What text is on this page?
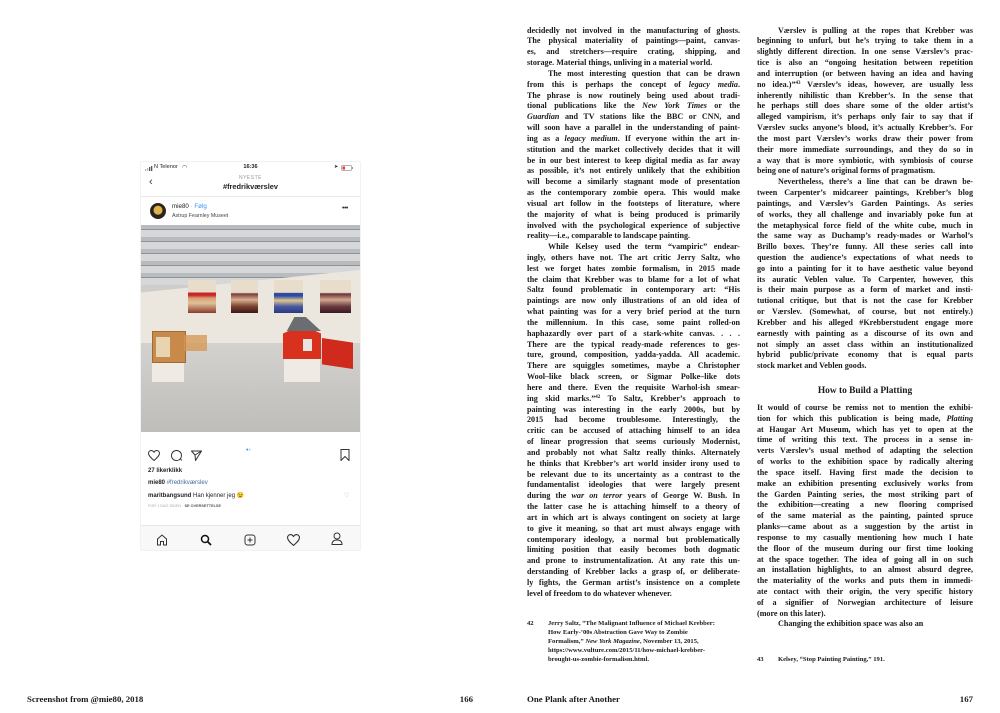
N Telenor ◠	16:36	➤
‹	NYESTE
#fredrikværslev
mie80 · Følg
Astrup Fearnley Museet
•••
••
27 likerklikk
mie80 #fredrikværslev
maritbangsund Han kjenner jeg 😉	♡
FOR 1 DAG SIDEN · SE OVERSETTELSE
Screenshot from @mie80, 2018	166
decidedly not involved in the manufacturing of ghosts.
The physical materiality of paintings—paint, canvas-
es, and stretchers—require crating, shipping, and
storage. Material things, unliving in a material world.
The most interesting question that can be drawn
from this is perhaps the concept of legacy media.
The phrase is now routinely being used about tradi-
tional publications like the New York Times or the
Guardian and TV stations like the BBC or CNN, and
will soon have a parallel in the understanding of paint-
ing as a legacy medium. If everyone within the art in-
stitution and the market collectively decides that it will
be in our best interest to keep digital media as far away
as possible, it’s not entirely unlikely that the exhibition
will become a similarly stagnant mode of presentation
as the contemporary zombie opera. This would make
visual art follow in the footsteps of literature, where
the majority of what is being produced is primarily
involved with the psychological experience of subjective
reality—i.e., comparable to landscape painting.
While Kelsey used the term “vampiric” endear-
ingly, others have not. The art critic Jerry Saltz, who
lest we forget hates zombie formalism, in 2015 made
the claim that Krebber was to blame for a lot of what
Saltz found problematic in contemporary art: “His
paintings are now only illustrations of an old idea of
what painting was for a very brief period at the turn
the millennium. In this case, some paint rolled-on
haphazardly over part of a stark-white canvas. . . .
There are the typical ready-made references to ges-
ture, ground, composition, yadda-yadda. All academic.
There are squiggles sometimes, maybe a Christopher
Wool–like black screen, or Sigmar Polke–like dots
here and there. Even the requisite Warhol-ish smear-
ing skid marks.”$^{42}$ To Saltz, Krebber’s approach to
painting was interesting in the early 2000s, but by
2015 had become troublesome. Interestingly, the
critic can be accused of attaching himself to an idea
of linear progression that seems curiously Modernist,
and probably not what Saltz really thinks. Alternately
he thinks that Krebber’s art world insider irony used to
be relevant due to its uncertainty as a contrast to the
fundamentalist ideologies that were largely present
during the war on terror years of George W. Bush. In
the latter case he is attaching himself to a theory of
art in which art is always contingent on society at large
to give it meaning, so that art must always engage with
contemporary ideology, a normal but problematically
limiting position that easily becomes both dogmatic
and prone to instrumentalization. At any rate this un-
derstanding of Krebber lacks a grasp of, or deliberate-
ly fights, the German artist’s insistence on a complete
level of freedom to do whatever whenever.
Værslev is pulling at the ropes that Krebber was
beginning to unfurl, but he’s trying to take them in a
slightly different direction. In one sense Værslev’s prac-
tice is also an “ongoing hesitation between repetition
and interruption (or between having an idea and having
no idea.)”$^{43}$ Værslev’s ideas, however, are usually less
inherently nihilistic than Krebber’s. In the sense that
he perhaps still does share some of the older artist’s
alleged vampirism, it’s perhaps only fair to say that if
Værslev sucks anyone’s blood, it’s actually Krebber’s. For
the most part Værslev’s works draw their power from
their more immediate surroundings, and they do so in
a way that is more symbiotic, with symbiosis of course
being one of nature’s original forms of pragmatism.
Nevertheless, there’s a line that can be drawn be-
tween Carpenter’s midcareer paintings, Krebber’s blog
paintings, and Værslev’s Garden Paintings. As series
of works, they all challenge and invariably poke fun at
the metaphysical force field of the white cube, much in
the same way as Duchamp’s ready-mades or Warhol’s
Brillo boxes. They’re funny. All these series call into
question the audience’s expectations of what needs to
go into a painting for it to have aesthetic value beyond
its auratic Veblen value. To Carpenter, however, this
is their main purpose as a form of market and insti-
tutional critique, but that is not the case for Krebber
or Værslev. (Somewhat, of course, but not entirely.)
Krebber and his alleged #Krebberstudent engage more
earnestly with painting as a discourse of its own and
not simply an asset class within an institutionalized
hybrid public/private economy that is equal parts
stock market and Veblen goods.
How to Build a Platting
It would of course be remiss not to mention the exhibi-
tion for which this publication is being made, Platting
at Haugar Art Museum, which has yet to open at the
time of writing this text. The process in a sense in-
verts Værslev’s usual method of adapting the selection
of works to the exhibition space by radically altering
the space itself. Having first made the decision to
make an exhibition presenting exclusively works from
the Garden Painting series, the most striking part of
the exhibition—creating a new flooring comprised
of the same material as the painting, painted spruce
planks—came about as a suggestion by the artist in
response to my casually mentioning how much I hate
the floor of the museum during our first time looking
at the space together. The idea of going all in on such
an installation highlights, to an almost absurd degree,
the materiality of the works and puts them in immedi-
ate contact with their origin, the very specific history
of a signifier of Norwegian architecture of leisure
(more on this later).
Changing the exhibition space was also an
42 Jerry Saltz, “The Malignant Influence of Michael Krebber:
How Early-’00s Abstraction Gave Way to Zombie
Formalism,” New York Magazine, November 13, 2015,
https://www.vulture.com/2015/11/how-michael-krebber-
brought-us-zombie-formalism.html.	43 Kelsey, “Stop Painting Painting,” 191.
One Plank after Another	167
